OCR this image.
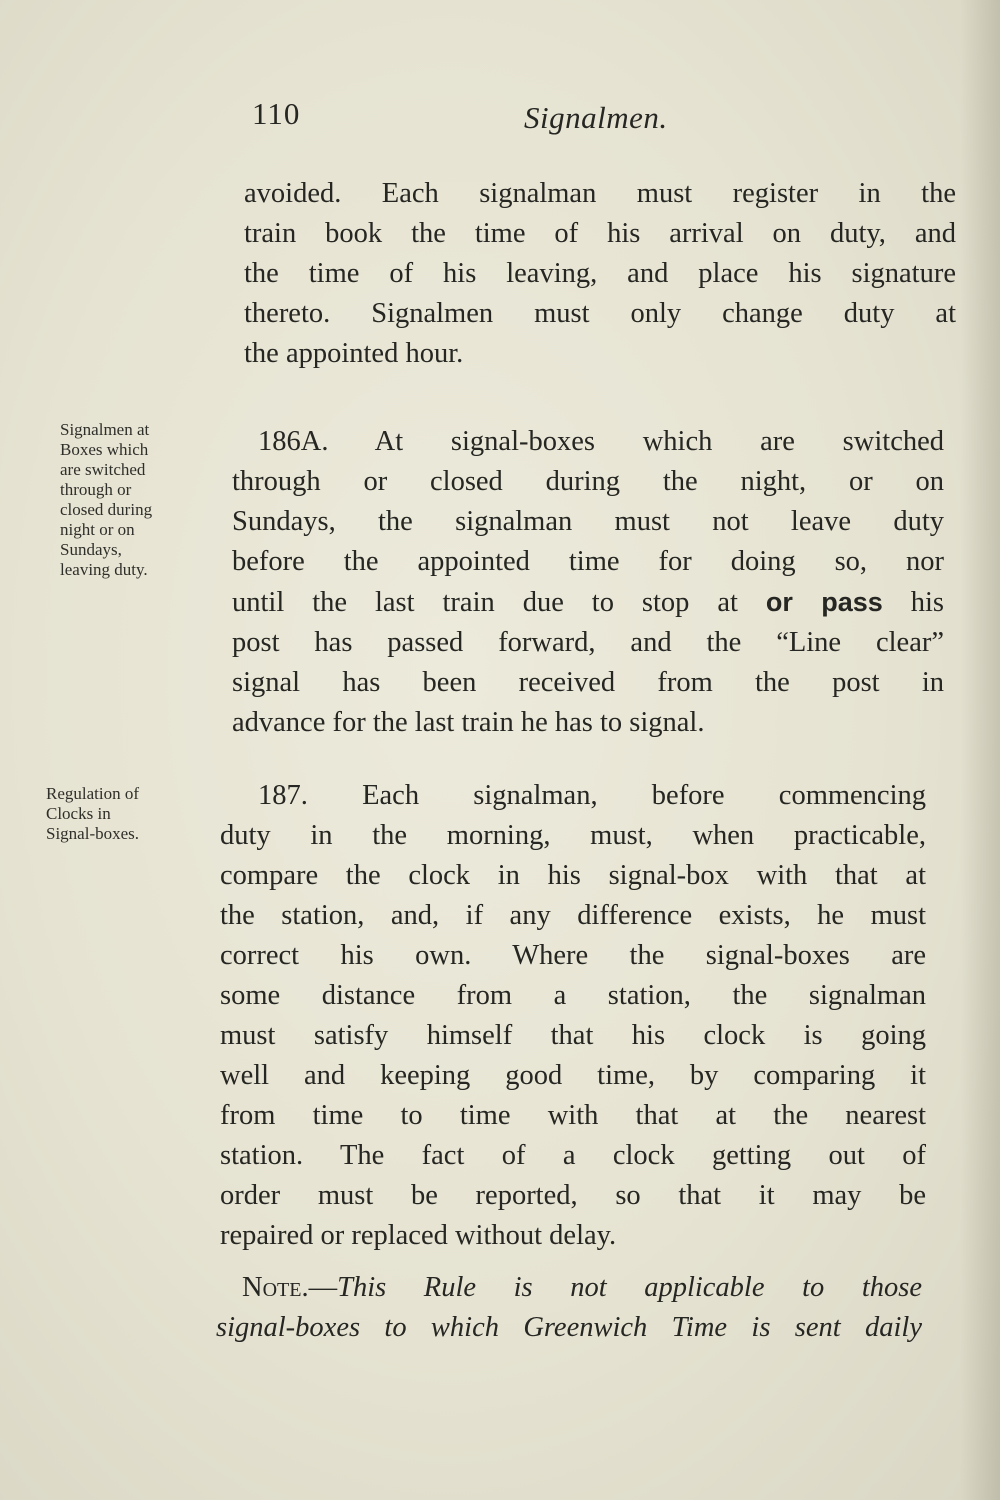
110	Signalmen.
avoided. Each signalman must register in the
train book the time of his arrival on duty, and
the time of his leaving, and place his signature
thereto. Signalmen must only change duty at
the appointed hour.
Signalmen at
Boxes which
are switched
through or
closed during
night or on
Sundays,
leaving duty.
186A. At signal-boxes which are switched
through or closed during the night, or on
Sundays, the signalman must not leave duty
before the appointed time for doing so, nor
until the last train due to stop at or pass his
post has passed forward, and the “Line clear”
signal has been received from the post in
advance for the last train he has to signal.
Regulation of
Clocks in
Signal-boxes.
187. Each signalman, before commencing
duty in the morning, must, when practicable,
compare the clock in his signal-box with that at
the station, and, if any difference exists, he must
correct his own. Where the signal-boxes are
some distance from a station, the signalman
must satisfy himself that his clock is going
well and keeping good time, by comparing it
from time to time with that at the nearest
station. The fact of a clock getting out of
order must be reported, so that it may be
repaired or replaced without delay.
Note.—This Rule is not applicable to those
signal-boxes to which Greenwich Time is sent daily
